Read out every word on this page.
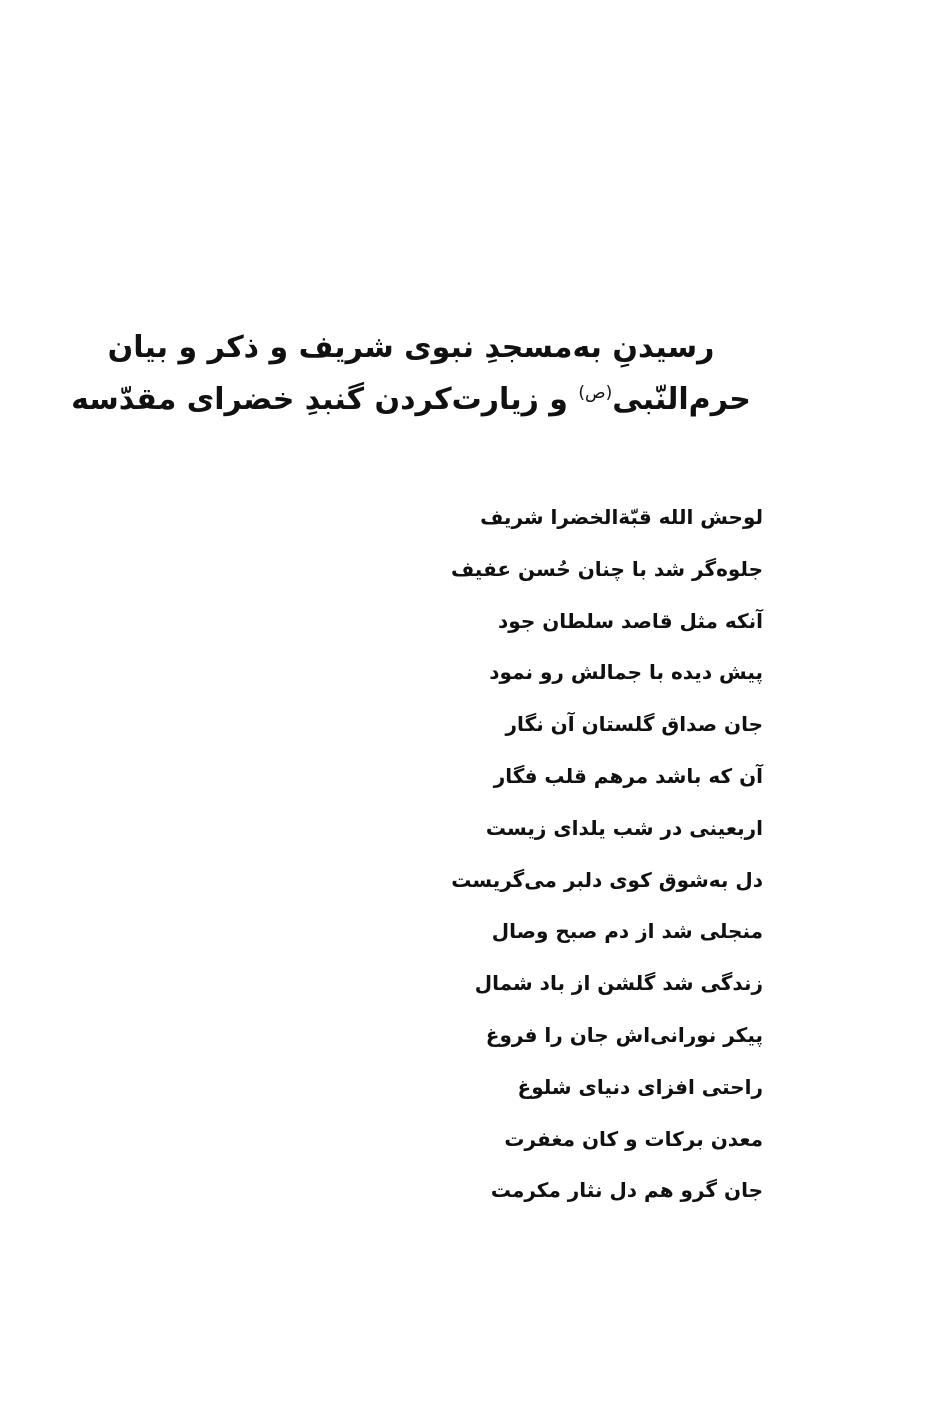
رسیدنِ به‌مسجدِ نبوی شریف و ذکر و بیان
حرم‌النّبی$^{(ص)}$ و زیارت‌کردن گنبدِ خضرای مقدّسه
لوحش الله قبّةالخضرا شریف
جلوه‌گر شد با چنان حُسن عفیف
آنکه مثل قاصد سلطان جود
پیش دیده با جمالش رو نمود
جان صداق گلستان آن نگار
آن که باشد مرهم قلب فگار
اربعینی در شب یلدای زیست
دل به‌شوق کوی دلبر می‌گریست
منجلی شد از دم صبح وصال
زندگی شد گلشن از باد شمال
پیکر نورانی‌اش جان را فروغ
راحتی افزای دنیای شلوغ
معدن برکات و کان مغفرت
جان گرو هم دل نثار مکرمت
